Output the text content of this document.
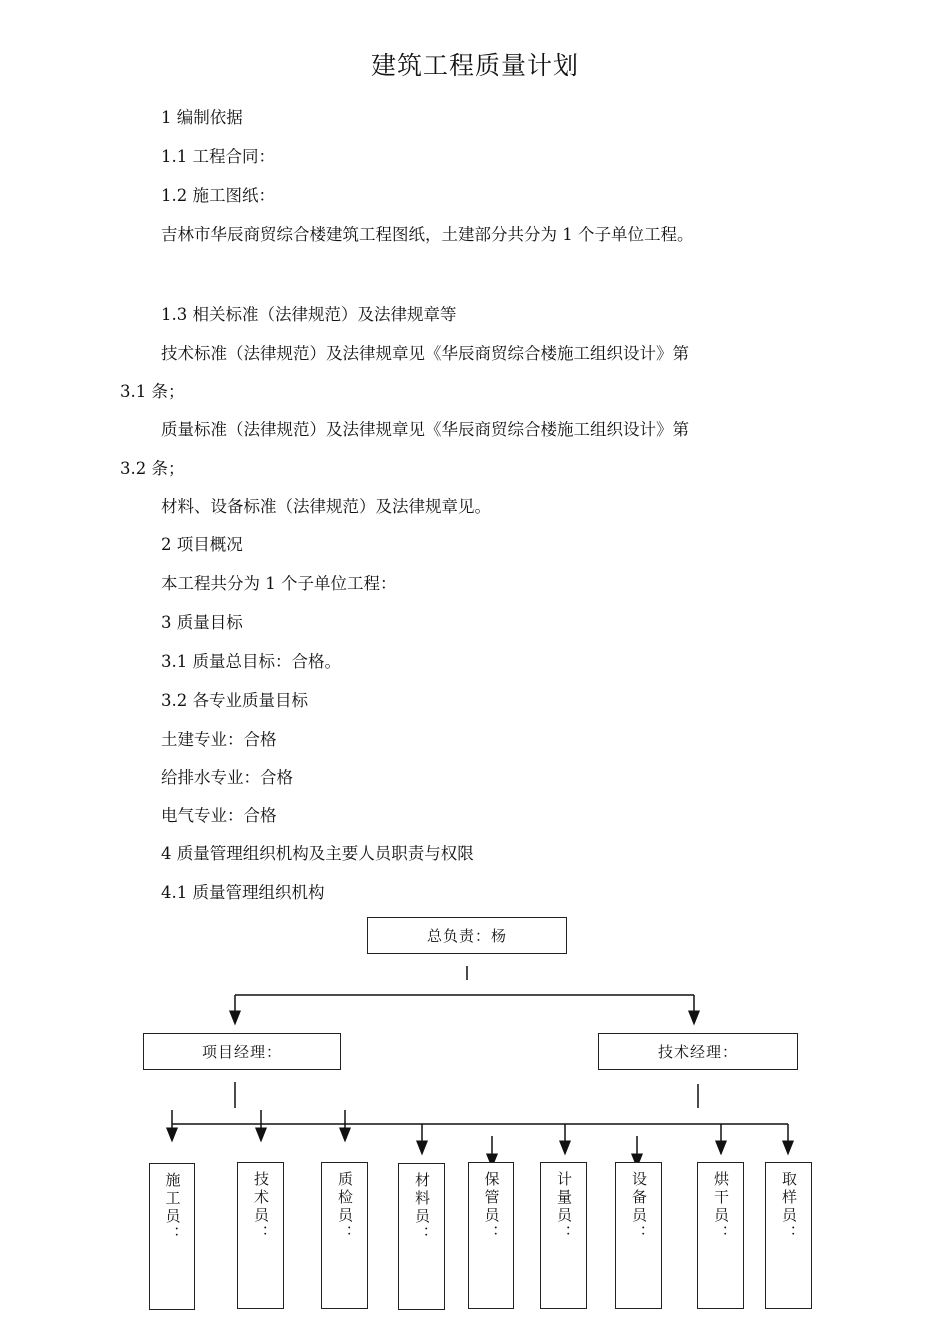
建筑工程质量计划
1 编制依据
1.1 工程合同：
1.2 施工图纸：
吉林市华辰商贸综合楼建筑工程图纸，土建部分共分为 1 个子单位工程。
1.3 相关标准（法律规范）及法律规章等
技术标准（法律规范）及法律规章见《华辰商贸综合楼施工组织设计》第
3.1 条；
质量标准（法律规范）及法律规章见《华辰商贸综合楼施工组织设计》第
3.2 条；
材料、设备标准（法律规范）及法律规章见。
2 项目概况
本工程共分为 1 个子单位工程：
3 质量目标
3.1 质量总目标：合格。
3.2 各专业质量目标
土建专业：合格
给排水专业：合格
电气专业：合格
4 质量管理组织机构及主要人员职责与权限
4.1 质量管理组织机构
总负责：杨
项目经理：	技术经理：
施工员：	技术员：	质检员：	材料员：	保管员：	计量员：	设备员：	烘干员：	取样员：
